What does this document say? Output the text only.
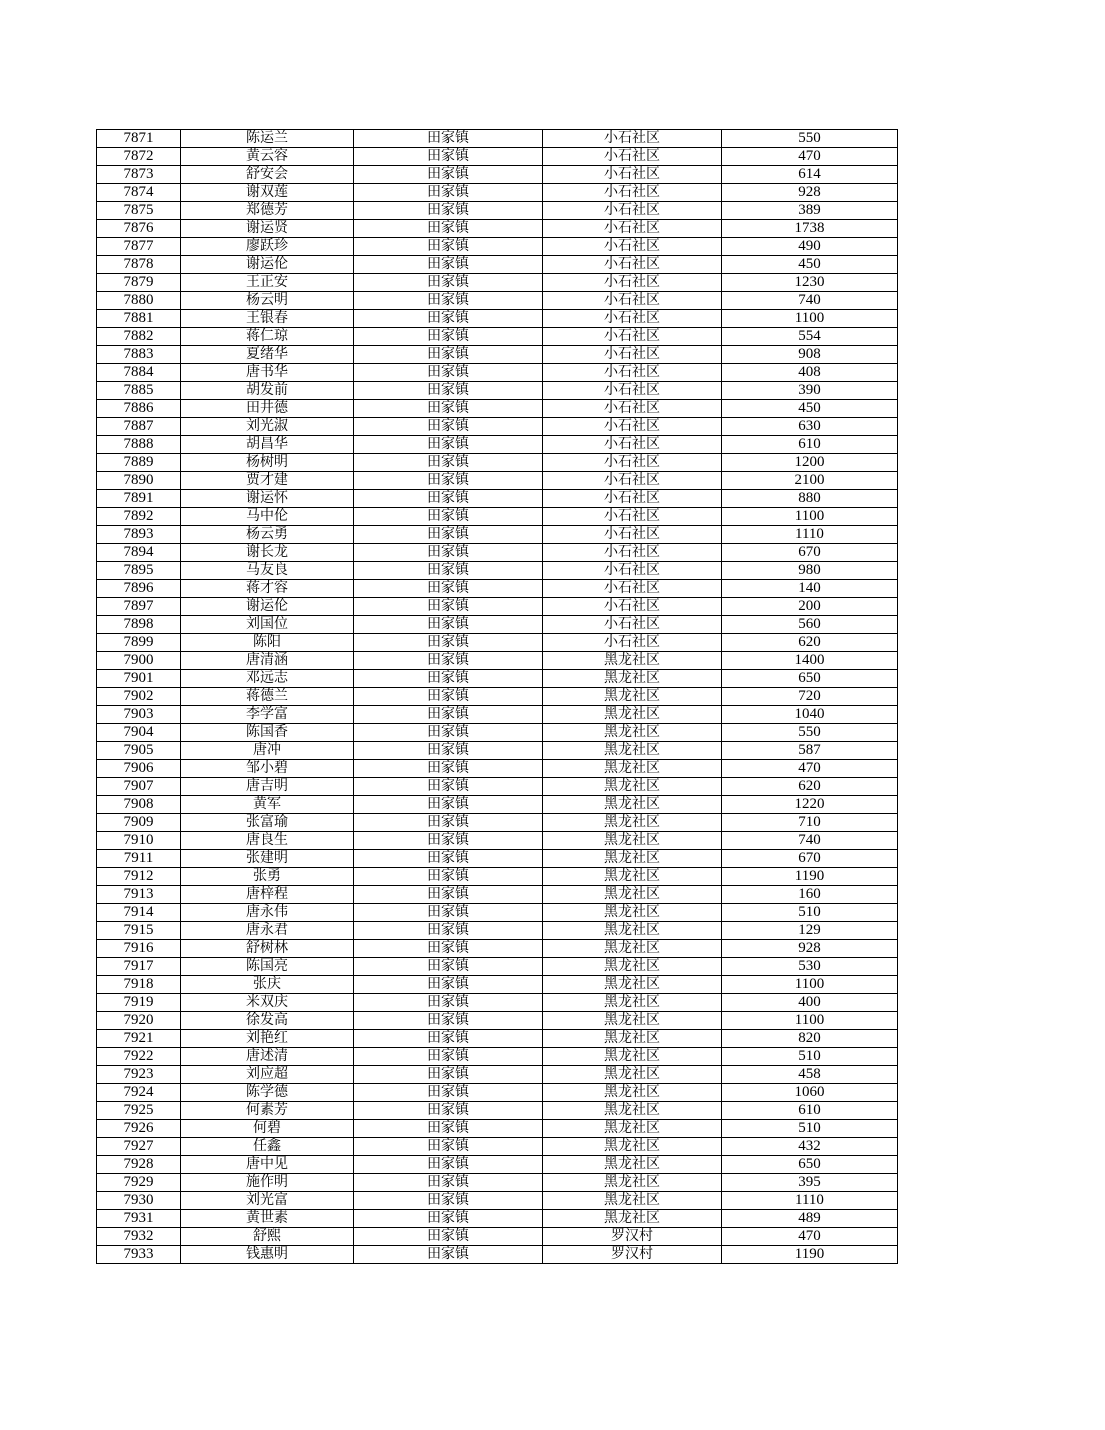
7871	陈运兰	田家镇	小石社区	550
7872	黄云容	田家镇	小石社区	470
7873	舒安会	田家镇	小石社区	614
7874	谢双莲	田家镇	小石社区	928
7875	郑德芳	田家镇	小石社区	389
7876	谢运贤	田家镇	小石社区	1738
7877	廖跃珍	田家镇	小石社区	490
7878	谢运伦	田家镇	小石社区	450
7879	王正安	田家镇	小石社区	1230
7880	杨云明	田家镇	小石社区	740
7881	王银春	田家镇	小石社区	1100
7882	蒋仁琼	田家镇	小石社区	554
7883	夏绪华	田家镇	小石社区	908
7884	唐书华	田家镇	小石社区	408
7885	胡发前	田家镇	小石社区	390
7886	田井德	田家镇	小石社区	450
7887	刘光淑	田家镇	小石社区	630
7888	胡昌华	田家镇	小石社区	610
7889	杨树明	田家镇	小石社区	1200
7890	贾才建	田家镇	小石社区	2100
7891	谢运怀	田家镇	小石社区	880
7892	马中伦	田家镇	小石社区	1100
7893	杨云勇	田家镇	小石社区	1110
7894	谢长龙	田家镇	小石社区	670
7895	马友良	田家镇	小石社区	980
7896	蒋才容	田家镇	小石社区	140
7897	谢运伦	田家镇	小石社区	200
7898	刘国位	田家镇	小石社区	560
7899	陈阳	田家镇	小石社区	620
7900	唐清涵	田家镇	黑龙社区	1400
7901	邓远志	田家镇	黑龙社区	650
7902	蒋德兰	田家镇	黑龙社区	720
7903	李学富	田家镇	黑龙社区	1040
7904	陈国香	田家镇	黑龙社区	550
7905	唐冲	田家镇	黑龙社区	587
7906	邹小碧	田家镇	黑龙社区	470
7907	唐吉明	田家镇	黑龙社区	620
7908	黄军	田家镇	黑龙社区	1220
7909	张富瑜	田家镇	黑龙社区	710
7910	唐良生	田家镇	黑龙社区	740
7911	张建明	田家镇	黑龙社区	670
7912	张勇	田家镇	黑龙社区	1190
7913	唐梓程	田家镇	黑龙社区	160
7914	唐永伟	田家镇	黑龙社区	510
7915	唐永君	田家镇	黑龙社区	129
7916	舒树林	田家镇	黑龙社区	928
7917	陈国亮	田家镇	黑龙社区	530
7918	张庆	田家镇	黑龙社区	1100
7919	米双庆	田家镇	黑龙社区	400
7920	徐发高	田家镇	黑龙社区	1100
7921	刘艳红	田家镇	黑龙社区	820
7922	唐述清	田家镇	黑龙社区	510
7923	刘应超	田家镇	黑龙社区	458
7924	陈学德	田家镇	黑龙社区	1060
7925	何素芳	田家镇	黑龙社区	610
7926	何碧	田家镇	黑龙社区	510
7927	任鑫	田家镇	黑龙社区	432
7928	唐中见	田家镇	黑龙社区	650
7929	施作明	田家镇	黑龙社区	395
7930	刘光富	田家镇	黑龙社区	1110
7931	黄世素	田家镇	黑龙社区	489
7932	舒熙	田家镇	罗汉村	470
7933	钱惠明	田家镇	罗汉村	1190
